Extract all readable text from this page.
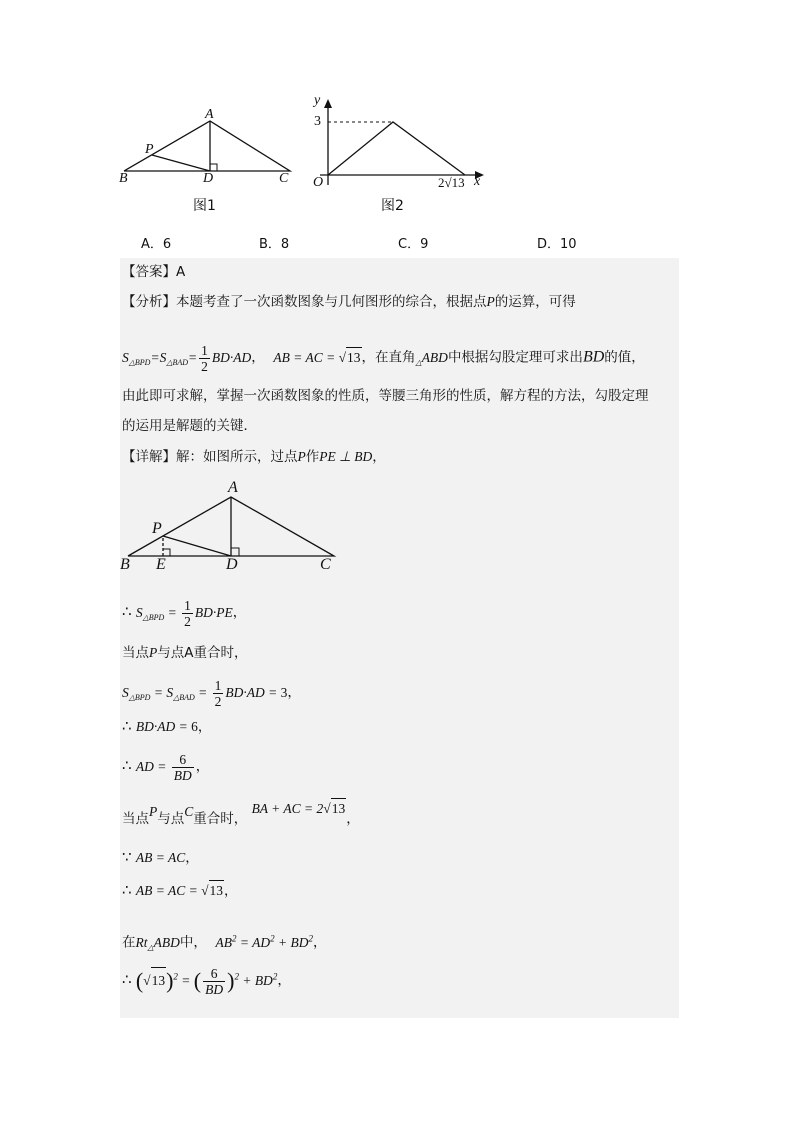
A
P
B	D	C
图1
y
x
O
3
2√13
图2
A．6	B．8	C．9	D．10
【答案】A
【分析】本题考查了一次函数图象与几何图形的综合，根据点P的运算，可得
$S_{\triangle BPD}=S_{\triangle BAD}= \frac{1}{2} BD\cdot AD$，  AB = AC = √13，在直角$_\triangle$ABD中根据勾股定理可求出BD的值，
由此即可求解，掌握一次函数图象的性质，等腰三角形的性质，解方程的方法，勾股定理
的运用是解题的关键．
【详解】解：如图所示，过点P作PE ⊥ BD，
A
P
B E	D	C
∴ $S_{\triangle BPD} = \frac{1}{2} BD\cdot PE$，
当点P与点A重合时，
$S_{\triangle BPD} = S_{\triangle BAD} = \frac{1}{2} BD\cdot AD = 3$，
∴ BD·AD = 6，
∴ AD = $\frac{6}{BD}$ ，
当点P与点C重合时， BA + AC = 2√13，
∵ AB = AC，
∴ AB = AC = √13，
在$Rt_\triangle ABD$中， $AB^2 = AD^2 + BD^2$，
∴ $(√13)^2$ = ( $\frac{6}{BD} )^2 + BD^2$，
